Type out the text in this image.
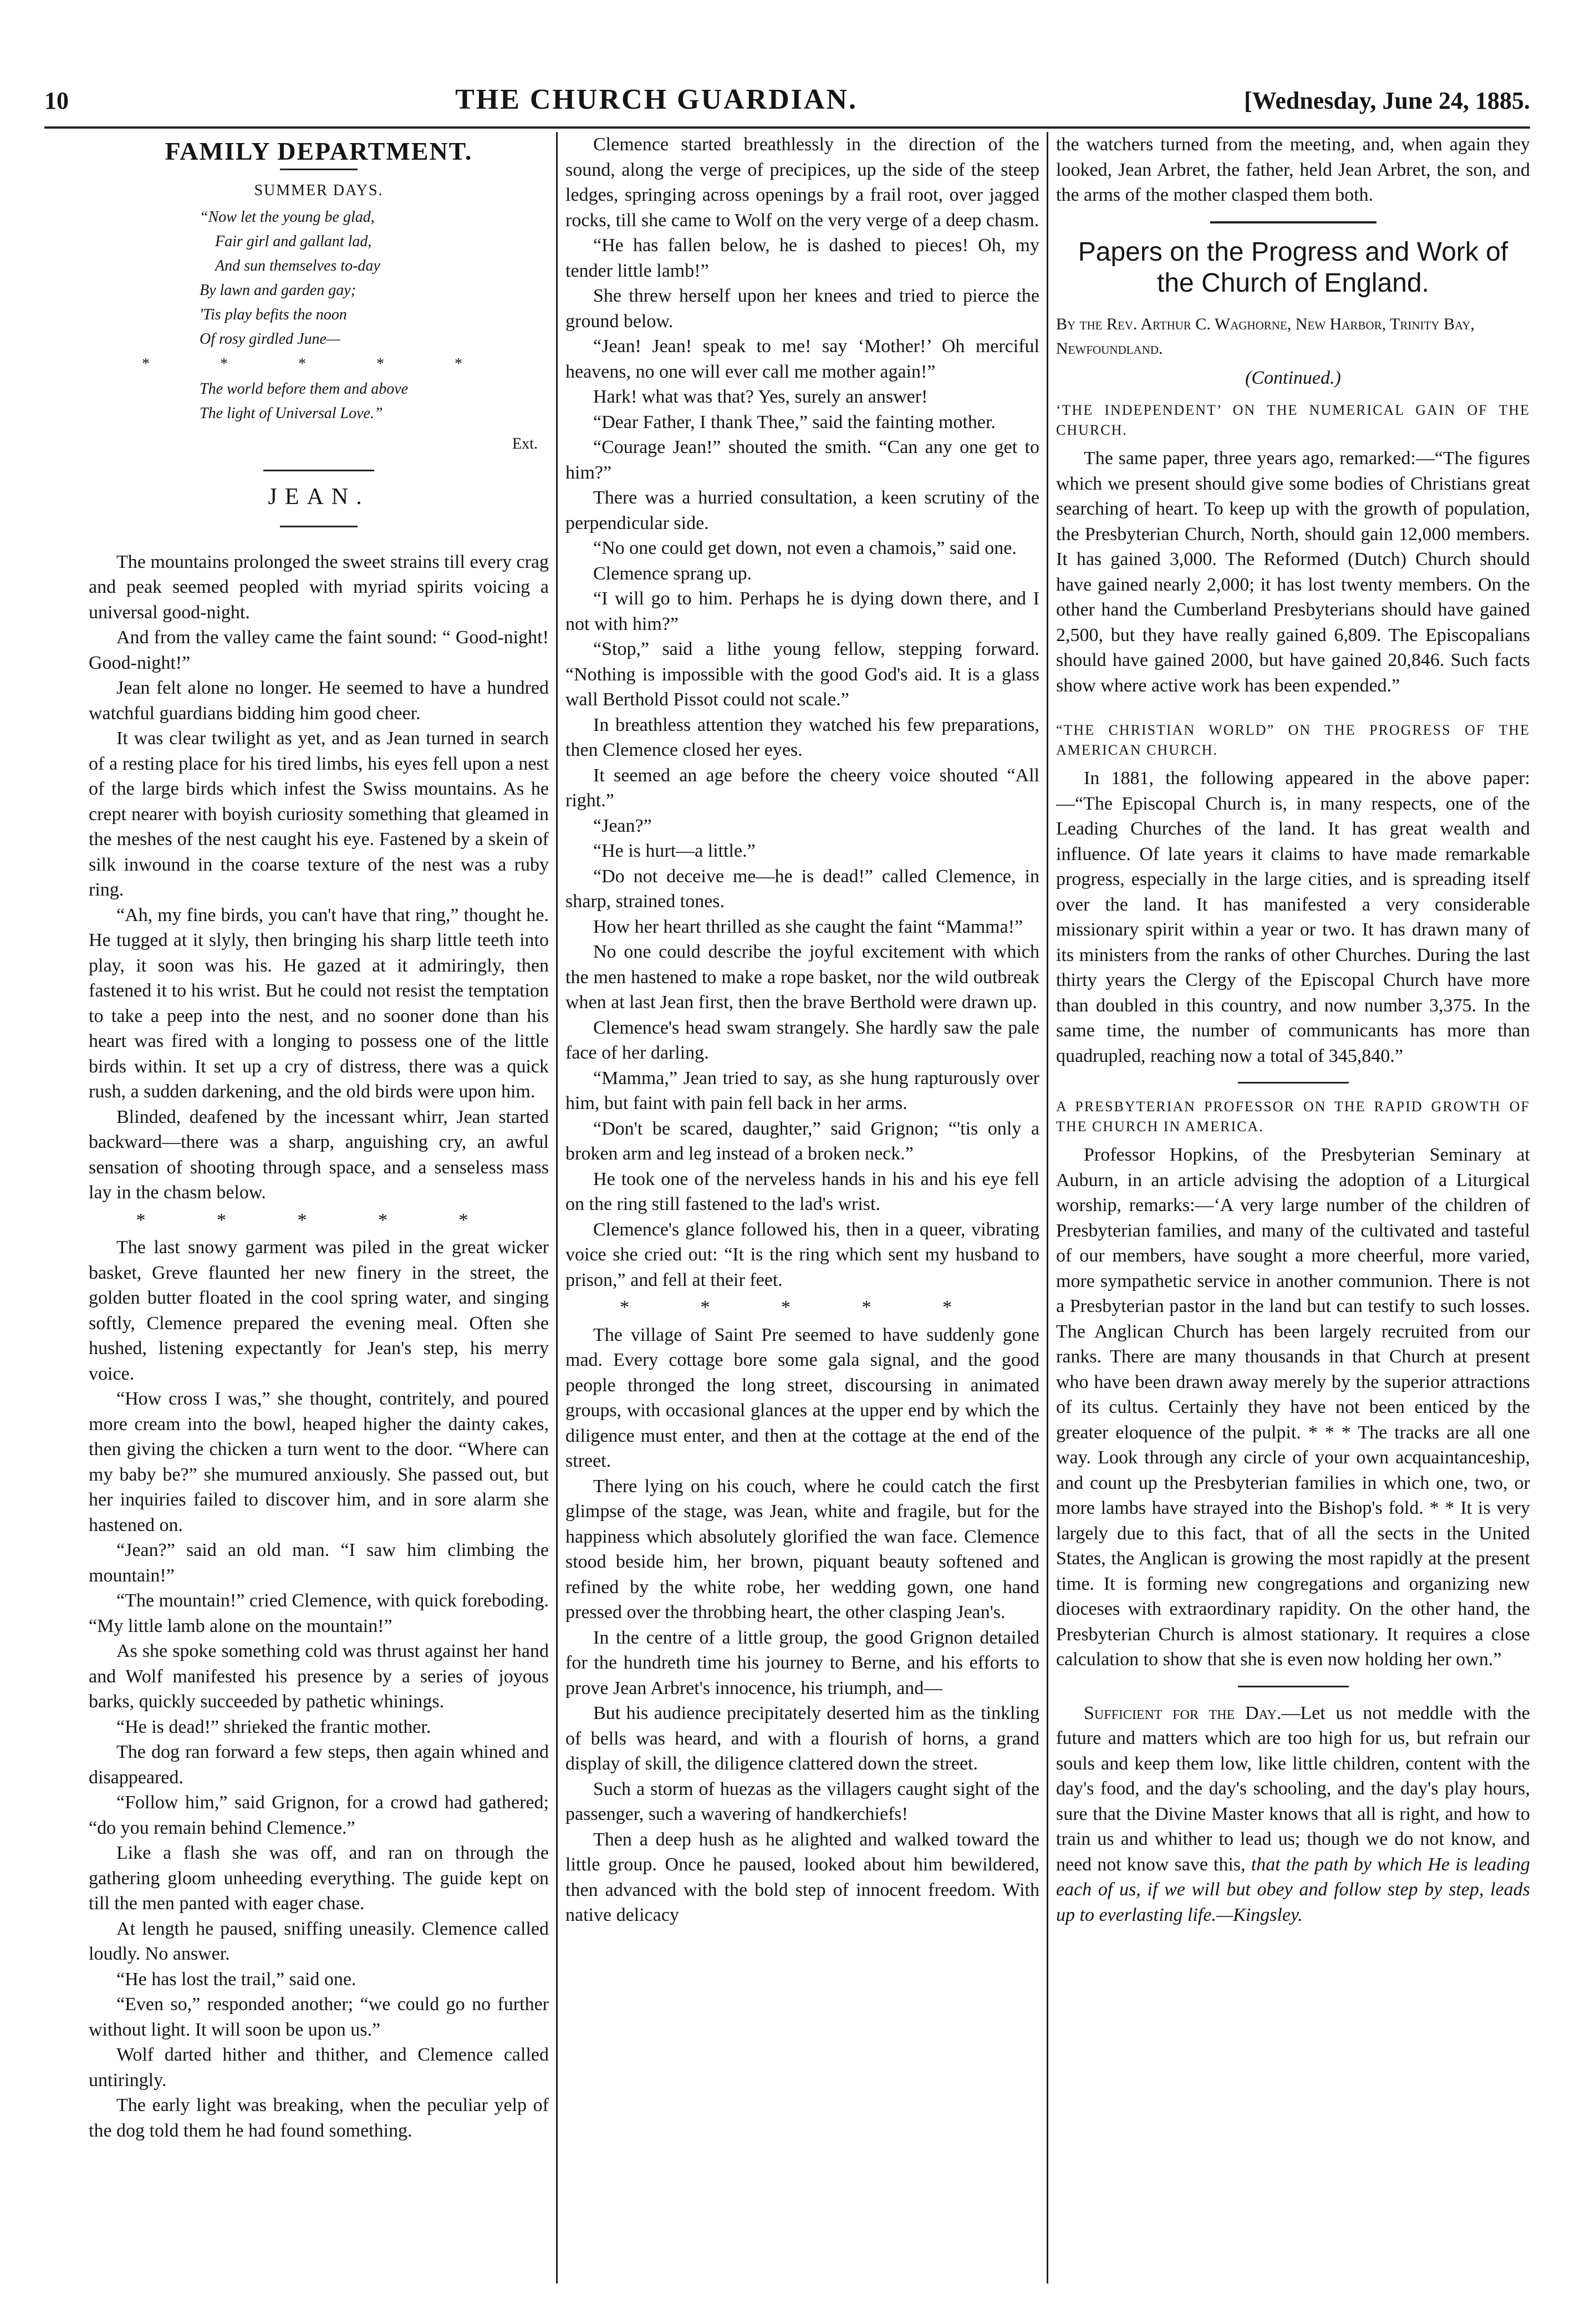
10	THE CHURCH GUARDIAN.	[Wednesday, June 24, 1885.
FAMILY DEPARTMENT.
SUMMER DAYS.
“Now let the young be glad,
Fair girl and gallant lad,
And sun themselves to-day
By lawn and garden gay;
'Tis play befits the noon
Of rosy girdled June—
* * * * *
The world before them and above
The light of Universal Love.”
Ext.
JEAN.

The mountains prolonged the sweet strains till every crag and peak seemed peopled with myriad spirits voicing a universal good-night.

And from the valley came the faint sound: “ Good-night! Good-night!”

Jean felt alone no longer. He seemed to have a hundred watchful guardians bidding him good cheer.

It was clear twilight as yet, and as Jean turned in search of a resting place for his tired limbs, his eyes fell upon a nest of the large birds which infest the Swiss mountains. As he crept nearer with boyish curiosity something that gleamed in the meshes of the nest caught his eye. Fastened by a skein of silk inwound in the coarse texture of the nest was a ruby ring.

“Ah, my fine birds, you can't have that ring,” thought he. He tugged at it slyly, then bringing his sharp little teeth into play, it soon was his. He gazed at it admiringly, then fastened it to his wrist. But he could not resist the temptation to take a peep into the nest, and no sooner done than his heart was fired with a longing to possess one of the little birds within. It set up a cry of distress, there was a quick rush, a sudden darkening, and the old birds were upon him.

Blinded, deafened by the incessant whirr, Jean started backward—there was a sharp, anguishing cry, an awful sensation of shooting through space, and a senseless mass lay in the chasm below.

* * * * *

The last snowy garment was piled in the great wicker basket, Greve flaunted her new finery in the street, the golden butter floated in the cool spring water, and singing softly, Clemence prepared the evening meal. Often she hushed, listening expectantly for Jean's step, his merry voice.

“How cross I was,” she thought, contritely, and poured more cream into the bowl, heaped higher the dainty cakes, then giving the chicken a turn went to the door. “Where can my baby be?” she mumured anxiously. She passed out, but her inquiries failed to discover him, and in sore alarm she hastened on.

“Jean?” said an old man. “I saw him climbing the mountain!”

“The mountain!” cried Clemence, with quick foreboding. “My little lamb alone on the mountain!”

As she spoke something cold was thrust against her hand and Wolf manifested his presence by a series of joyous barks, quickly succeeded by pathetic whinings.

“He is dead!” shrieked the frantic mother.

The dog ran forward a few steps, then again whined and disappeared.

“Follow him,” said Grignon, for a crowd had gathered; “do you remain behind Clemence.”

Like a flash she was off, and ran on through the gathering gloom unheeding everything. The guide kept on till the men panted with eager chase.

At length he paused, sniffing uneasily. Clemence called loudly. No answer.

“He has lost the trail,” said one.

“Even so,” responded another; “we could go no further without light. It will soon be upon us.”

Wolf darted hither and thither, and Clemence called untiringly.

The early light was breaking, when the peculiar yelp of the dog told them he had found something.

Clemence started breathlessly in the direction of the sound, along the verge of precipices, up the side of the steep ledges, springing across openings by a frail root, over jagged rocks, till she came to Wolf on the very verge of a deep chasm.

“He has fallen below, he is dashed to pieces! Oh, my tender little lamb!”

She threw herself upon her knees and tried to pierce the ground below.

“Jean! Jean! speak to me! say ‘Mother!’ Oh merciful heavens, no one will ever call me mother again!”

Hark! what was that? Yes, surely an answer!

“Dear Father, I thank Thee,” said the fainting mother.

“Courage Jean!” shouted the smith. “Can any one get to him?”

There was a hurried consultation, a keen scrutiny of the perpendicular side.

“No one could get down, not even a chamois,” said one.

Clemence sprang up.

“I will go to him. Perhaps he is dying down there, and I not with him?”

“Stop,” said a lithe young fellow, stepping forward. “Nothing is impossible with the good God's aid. It is a glass wall Berthold Pissot could not scale.”

In breathless attention they watched his few preparations, then Clemence closed her eyes.

It seemed an age before the cheery voice shouted “All right.”

“Jean?”

“He is hurt—a little.”

“Do not deceive me—he is dead!” called Clemence, in sharp, strained tones.

How her heart thrilled as she caught the faint “Mamma!”

No one could describe the joyful excitement with which the men hastened to make a rope basket, nor the wild outbreak when at last Jean first, then the brave Berthold were drawn up.

Clemence's head swam strangely. She hardly saw the pale face of her darling.

“Mamma,” Jean tried to say, as she hung rapturously over him, but faint with pain fell back in her arms.

“Don't be scared, daughter,” said Grignon; “'tis only a broken arm and leg instead of a broken neck.”

He took one of the nerveless hands in his and his eye fell on the ring still fastened to the lad's wrist.

Clemence's glance followed his, then in a queer, vibrating voice she cried out: “It is the ring which sent my husband to prison,” and fell at their feet.

* * * * *

The village of Saint Pre seemed to have suddenly gone mad. Every cottage bore some gala signal, and the good people thronged the long street, discoursing in animated groups, with occasional glances at the upper end by which the diligence must enter, and then at the cottage at the end of the street.

There lying on his couch, where he could catch the first glimpse of the stage, was Jean, white and fragile, but for the happiness which absolutely glorified the wan face. Clemence stood beside him, her brown, piquant beauty softened and refined by the white robe, her wedding gown, one hand pressed over the throbbing heart, the other clasping Jean's.

In the centre of a little group, the good Grignon detailed for the hundreth time his journey to Berne, and his efforts to prove Jean Arbret's innocence, his triumph, and—

But his audience precipitately deserted him as the tinkling of bells was heard, and with a flourish of horns, a grand display of skill, the diligence clattered down the street.

Such a storm of huezas as the villagers caught sight of the passenger, such a wavering of handkerchiefs!

Then a deep hush as he alighted and walked toward the little group. Once he paused, looked about him bewildered, then advanced with the bold step of innocent freedom. With native delicacy

the watchers turned from the meeting, and, when again they looked, Jean Arbret, the father, held Jean Arbret, the son, and the arms of the mother clasped them both.

Papers on the Progress and Work of the Church of England.
By the Rev. Arthur C. Waghorne, New Harbor, Trinity Bay, Newfoundland.
(Continued.)
‘THE INDEPENDENT’ ON THE NUMERICAL GAIN OF THE CHURCH.

The same paper, three years ago, remarked:—“The figures which we present should give some bodies of Christians great searching of heart. To keep up with the growth of population, the Presbyterian Church, North, should gain 12,000 members. It has gained 3,000. The Reformed (Dutch) Church should have gained nearly 2,000; it has lost twenty members. On the other hand the Cumberland Presbyterians should have gained 2,500, but they have really gained 6,809. The Episcopalians should have gained 2000, but have gained 20,846. Such facts show where active work has been expended.”

“THE CHRISTIAN WORLD” ON THE PROGRESS OF THE AMERICAN CHURCH.

In 1881, the following appeared in the above paper:—“The Episcopal Church is, in many respects, one of the Leading Churches of the land. It has great wealth and influence. Of late years it claims to have made remarkable progress, especially in the large cities, and is spreading itself over the land. It has manifested a very considerable missionary spirit within a year or two. It has drawn many of its ministers from the ranks of other Churches. During the last thirty years the Clergy of the Episcopal Church have more than doubled in this country, and now number 3,375. In the same time, the number of communicants has more than quadrupled, reaching now a total of 345,840.”

A PRESBYTERIAN PROFESSOR ON THE RAPID GROWTH OF THE CHURCH IN AMERICA.

Professor Hopkins, of the Presbyterian Seminary at Auburn, in an article advising the adoption of a Liturgical worship, remarks:—‘A very large number of the children of Presbyterian families, and many of the cultivated and tasteful of our members, have sought a more cheerful, more varied, more sympathetic service in another communion. There is not a Presbyterian pastor in the land but can testify to such losses. The Anglican Church has been largely recruited from our ranks. There are many thousands in that Church at present who have been drawn away merely by the superior attractions of its cultus. Certainly they have not been enticed by the greater eloquence of the pulpit. * * * The tracks are all one way. Look through any circle of your own acquaintanceship, and count up the Presbyterian families in which one, two, or more lambs have strayed into the Bishop's fold. * * It is very largely due to this fact, that of all the sects in the United States, the Anglican is growing the most rapidly at the present time. It is forming new congregations and organizing new dioceses with extraordinary rapidity. On the other hand, the Presbyterian Church is almost stationary. It requires a close calculation to show that she is even now holding her own.”

Sufficient for the Day.—Let us not meddle with the future and matters which are too high for us, but refrain our souls and keep them low, like little children, content with the day's food, and the day's schooling, and the day's play hours, sure that the Divine Master knows that all is right, and how to train us and whither to lead us; though we do not know, and need not know save this, that the path by which He is leading each of us, if we will but obey and follow step by step, leads up to everlasting life.—Kingsley.
